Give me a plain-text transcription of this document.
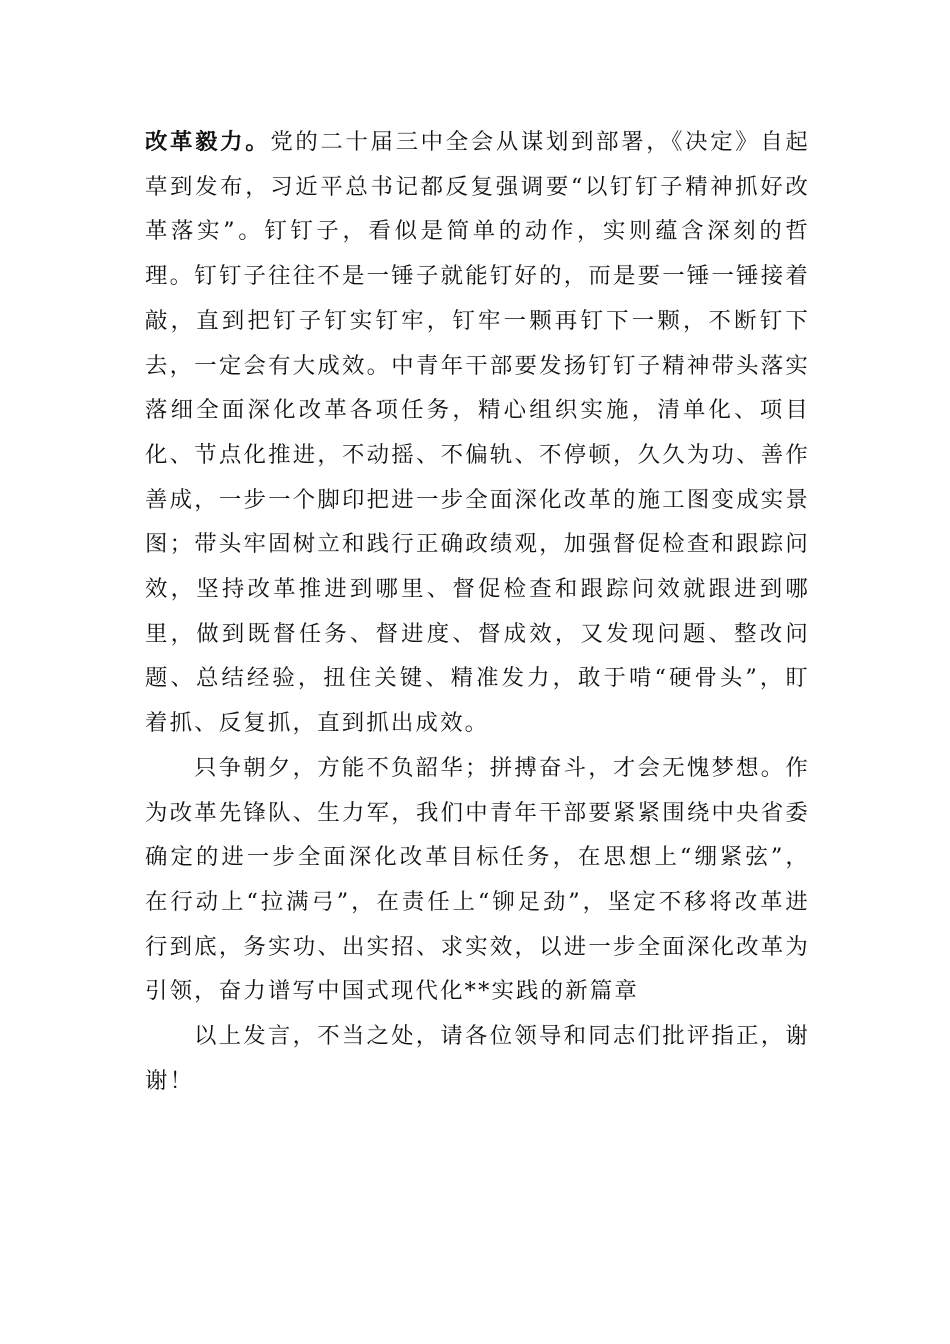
改革毅力。党的二十届三中全会从谋划到部署，《决定》自起草到发布，习近平总书记都反复强调要“以钉钉子精神抓好改革落实”。钉钉子，看似是简单的动作，实则蕴含深刻的哲理。钉钉子往往不是一锤子就能钉好的，而是要一锤一锤接着敲，直到把钉子钉实钉牢，钉牢一颗再钉下一颗，不断钉下去，一定会有大成效。中青年干部要发扬钉钉子精神带头落实落细全面深化改革各项任务，精心组织实施，清单化、项目化、节点化推进，不动摇、不偏轨、不停顿，久久为功、善作善成，一步一个脚印把进一步全面深化改革的施工图变成实景图；带头牢固树立和践行正确政绩观，加强督促检查和跟踪问效，坚持改革推进到哪里、督促检查和跟踪问效就跟进到哪里，做到既督任务、督进度、督成效，又发现问题、整改问题、总结经验，扭住关键、精准发力，敢于啃“硬骨头”，盯着抓、反复抓，直到抓出成效。

只争朝夕，方能不负韶华；拼搏奋斗，才会无愧梦想。作为改革先锋队、生力军，我们中青年干部要紧紧围绕中央省委确定的进一步全面深化改革目标任务，在思想上“绷紧弦”，在行动上“拉满弓”，在责任上“铆足劲”，坚定不移将改革进行到底，务实功、出实招、求实效，以进一步全面深化改革为引领，奋力谱写中国式现代化**实践的新篇章

以上发言，不当之处，请各位领导和同志们批评指正，谢谢！
